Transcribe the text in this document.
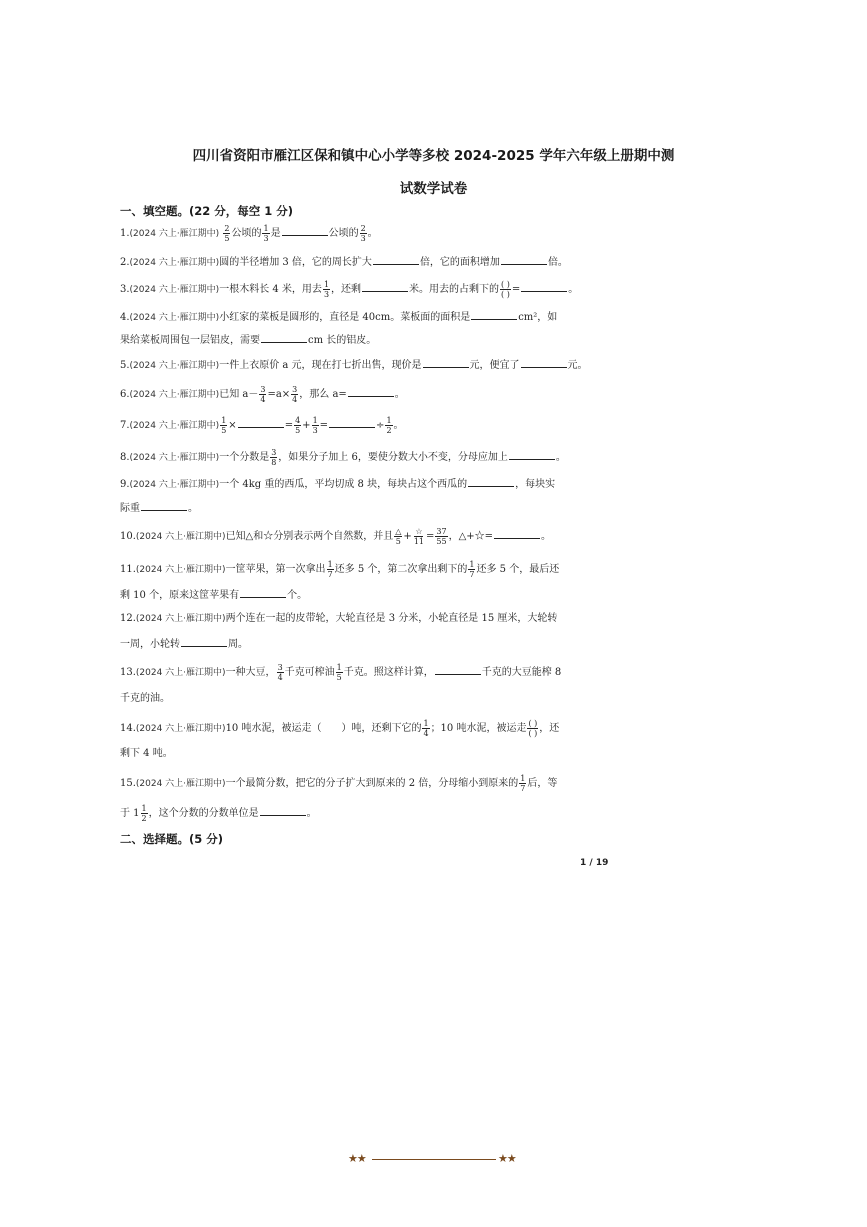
四川省资阳市雁江区保和镇中心小学等多校 2024-2025 学年六年级上册期中测
试数学试卷
一、填空题。(22 分，每空 1 分)
1.(2024 六上·雁江期中) $\frac{2}{5}$ 公顷的 $\frac{1}{3}$ 是	公顷的 $\frac{2}{3}$ 。
2.(2024 六上·雁江期中)圆的半径增加 3 倍，它的周长扩大	倍，它的面积增加	倍。
3.(2024 六上·雁江期中)一根木料长 4 米，用去 $\frac{1}{3}$ ，还剩	米。用去的占剩下的 $\frac{( )}{( )}$ =	。
4.(2024 六上·雁江期中)小红家的菜板是圆形的，直径是 40cm。菜板面的面积是	cm²，如
果给菜板周围包一层铝皮，需要	cm 长的铝皮。
5.(2024 六上·雁江期中)一件上衣原价 a 元，现在打七折出售，现价是	元，便宜了	元。
6.(2024 六上·雁江期中)已知 $a- \frac{3}{4} =a\times \frac{3}{4}$ ，那么 a=	。
7.(2024 六上·雁江期中) $\frac{1}{5}$ ×	= $\frac{4}{5} + \frac{1}{3}$ =	÷ $\frac{1}{2}$ 。
8.(2024 六上·雁江期中)一个分数是 $\frac{3}{8}$ ，如果分子加上 6，要使分数大小不变，分母应加上	。
9.(2024 六上·雁江期中)一个 4kg 重的西瓜，平均切成 8 块，每块占这个西瓜的	，每块实
际重	。
10.(2024 六上·雁江期中)已知△和☆分别表示两个自然数，并且 $\frac{\triangle}{5} + \frac{☆}{11} = \frac{37}{55}$ ，△+☆=	。
11.(2024 六上·雁江期中)一筐苹果，第一次拿出 $\frac{1}{7}$ 还多 5 个，第二次拿出剩下的 $\frac{1}{7}$ 还多 5 个，最后还
剩 10 个，原来这筐苹果有	个。
12.(2024 六上·雁江期中)两个连在一起的皮带轮，大轮直径是 3 分米，小轮直径是 15 厘米，大轮转
一周，小轮转	周。
13.(2024 六上·雁江期中)一种大豆， $\frac{3}{4}$ 千克可榨油 $\frac{1}{5}$ 千克。照这样计算，	千克的大豆能榨 8
千克的油。
14.(2024 六上·雁江期中)10 吨水泥，被运走（　　）吨，还剩下它的 $\frac{1}{4}$ ；10 吨水泥，被运走 $\frac{( )}{( )}$ ，还
剩下 4 吨。
15.(2024 六上·雁江期中)一个最简分数，把它的分子扩大到原来的 2 倍，分母缩小到原来的 $\frac{1}{7}$ 后，等
于 $1 \frac{1}{2}$ ，这个分数的分数单位是	。
二、选择题。(5 分)
1 / 19
★★	★★
